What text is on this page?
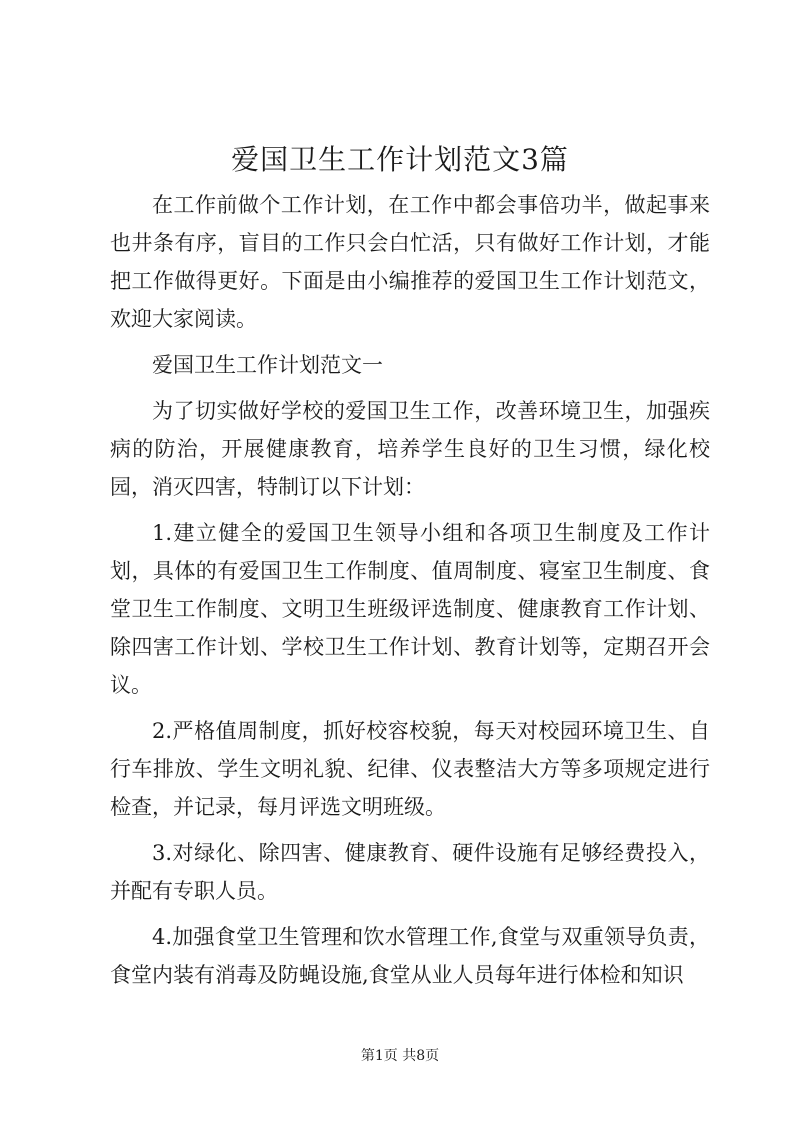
爱国卫生工作计划范文3篇

在工作前做个工作计划，在工作中都会事倍功半，做起事来也井条有序，盲目的工作只会白忙活，只有做好工作计划，才能把工作做得更好。下面是由小编推荐的爱国卫生工作计划范文，欢迎大家阅读。

爱国卫生工作计划范文一

为了切实做好学校的爱国卫生工作，改善环境卫生，加强疾病的防治，开展健康教育，培养学生良好的卫生习惯，绿化校园，消灭四害，特制订以下计划：

1.建立健全的爱国卫生领导小组和各项卫生制度及工作计划，具体的有爱国卫生工作制度、值周制度、寝室卫生制度、食堂卫生工作制度、文明卫生班级评选制度、健康教育工作计划、除四害工作计划、学校卫生工作计划、教育计划等，定期召开会议。

2.严格值周制度，抓好校容校貌，每天对校园环境卫生、自行车排放、学生文明礼貌、纪律、仪表整洁大方等多项规定进行检查，并记录，每月评选文明班级。

3.对绿化、除四害、健康教育、硬件设施有足够经费投入，并配有专职人员。

4.加强食堂卫生管理和饮水管理工作,食堂与双重领导负责，食堂内装有消毒及防蝇设施,食堂从业人员每年进行体检和知识

第1页 共8页
